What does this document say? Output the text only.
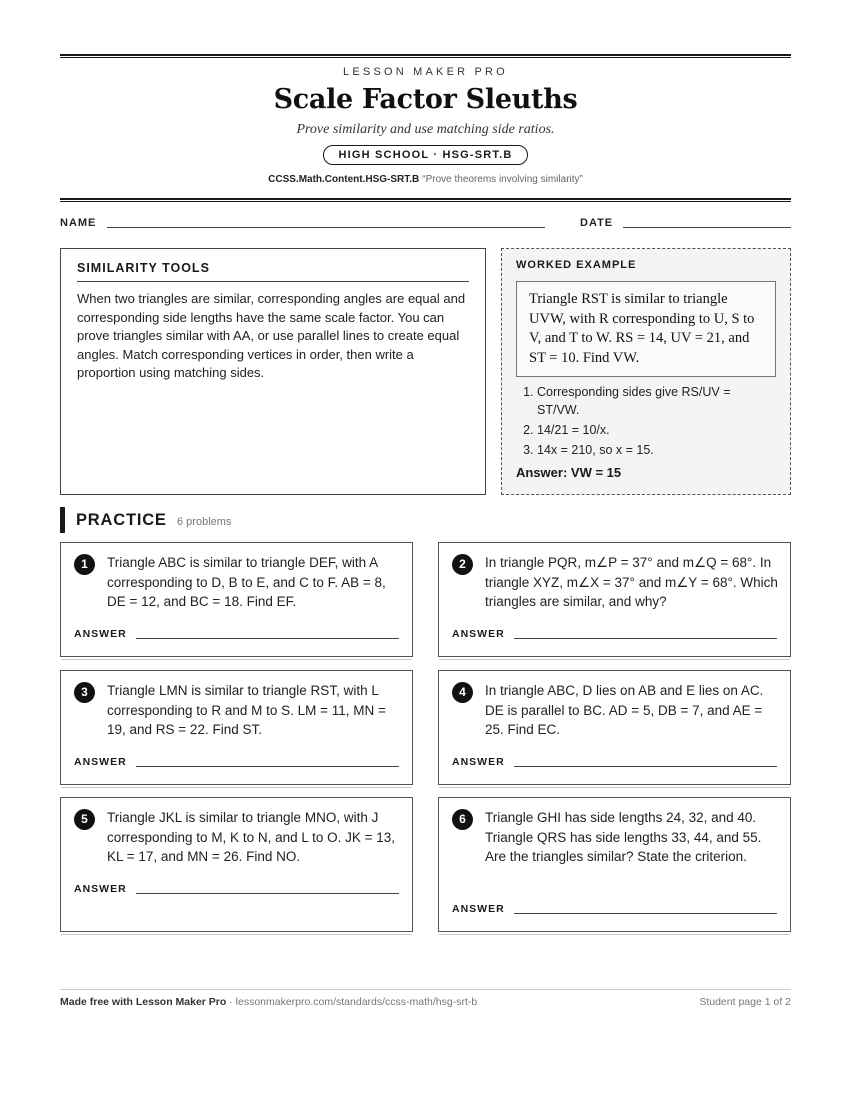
LESSON MAKER PRO
Scale Factor Sleuths
Prove similarity and use matching side ratios.
HIGH SCHOOL · HSG-SRT.B
CCSS.Math.Content.HSG-SRT.B “Prove theorems involving similarity”
NAME	DATE
SIMILARITY TOOLS
When two triangles are similar, corresponding angles are equal and corresponding side lengths have the same scale factor. You can prove triangles similar with AA, or use parallel lines to create equal angles. Match corresponding vertices in order, then write a proportion using matching sides.
WORKED EXAMPLE
Triangle RST is similar to triangle UVW, with R corresponding to U, S to V, and T to W. RS = 14, UV = 21, and ST = 10. Find VW.
1. Corresponding sides give RS/UV = ST/VW.
2. 14/21 = 10/x.
3. 14x = 210, so x = 15.
Answer: VW = 15
PRACTICE 6 problems
1	Triangle ABC is similar to triangle DEF, with A corresponding to D, B to E, and C to F. AB = 8, DE = 12, and BC = 18. Find EF.
ANSWER
2	In triangle PQR, m∠P = 37° and m∠Q = 68°. In triangle XYZ, m∠X = 37° and m∠Y = 68°. Which triangles are similar, and why?
ANSWER
3	Triangle LMN is similar to triangle RST, with L corresponding to R and M to S. LM = 11, MN = 19, and RS = 22. Find ST.
ANSWER
4	In triangle ABC, D lies on AB and E lies on AC. DE is parallel to BC. AD = 5, DB = 7, and AE = 25. Find EC.
ANSWER
5	Triangle JKL is similar to triangle MNO, with J corresponding to M, K to N, and L to O. JK = 13, KL = 17, and MN = 26. Find NO.
ANSWER
6	Triangle GHI has side lengths 24, 32, and 40. Triangle QRS has side lengths 33, 44, and 55. Are the triangles similar? State the criterion.
ANSWER
Made free with Lesson Maker Pro · lessonmakerpro.com/standards/ccss-math/hsg-srt-b	Student page 1 of 2
